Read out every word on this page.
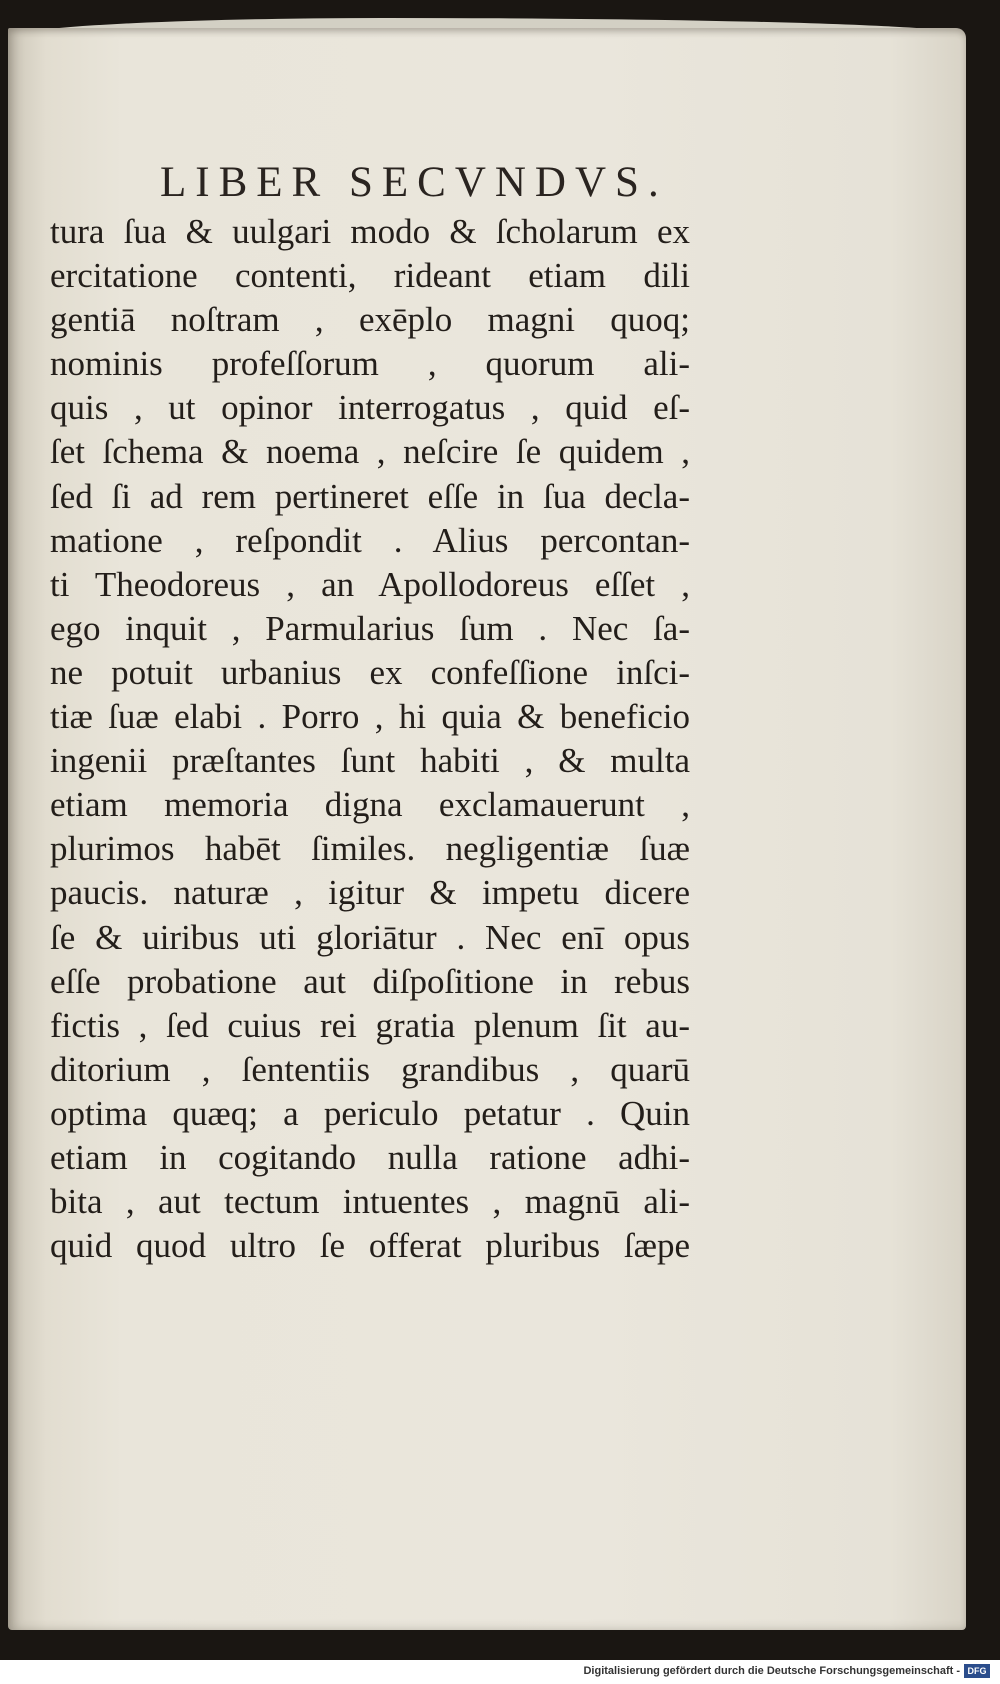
LIBER SECVNDVS.
tura ſua & uulgari modo & ſcholarum ex
ercitatione contenti, rideant etiam dili
gentiā noſtram , exēplo magni quoq;
nominis profeſſorum , quorum ali-
quis , ut opinor interrogatus , quid eſ-
ſet ſchema & noema , neſcire ſe quidem ,
ſed ſi ad rem pertineret eſſe in ſua decla-
matione , reſpondit . Alius percontan-
ti Theodoreus , an Apollodoreus eſſet ,
ego inquit , Parmularius ſum . Nec ſa-
ne potuit urbanius ex confeſſione inſci-
tiæ ſuæ elabi . Porro , hi quia & beneficio
ingenii præſtantes ſunt habiti , & multa
etiam memoria digna exclamauerunt ,
plurimos habēt ſimiles. negligentiæ ſuæ
paucis. naturæ , igitur & impetu dicere
ſe & uiribus uti gloriātur . Nec enī opus
eſſe probatione aut diſpoſitione in rebus
fictis , ſed cuius rei gratia plenum ſit au-
ditorium , ſententiis grandibus , quarū
optima quæq; a periculo petatur . Quin
etiam in cogitando nulla ratione adhi-
bita , aut tectum intuentes , magnū ali-
quid quod ultro ſe offerat pluribus ſæpe
Digitalisierung gefördert durch die Deutsche Forschungsgemeinschaft - DFG
